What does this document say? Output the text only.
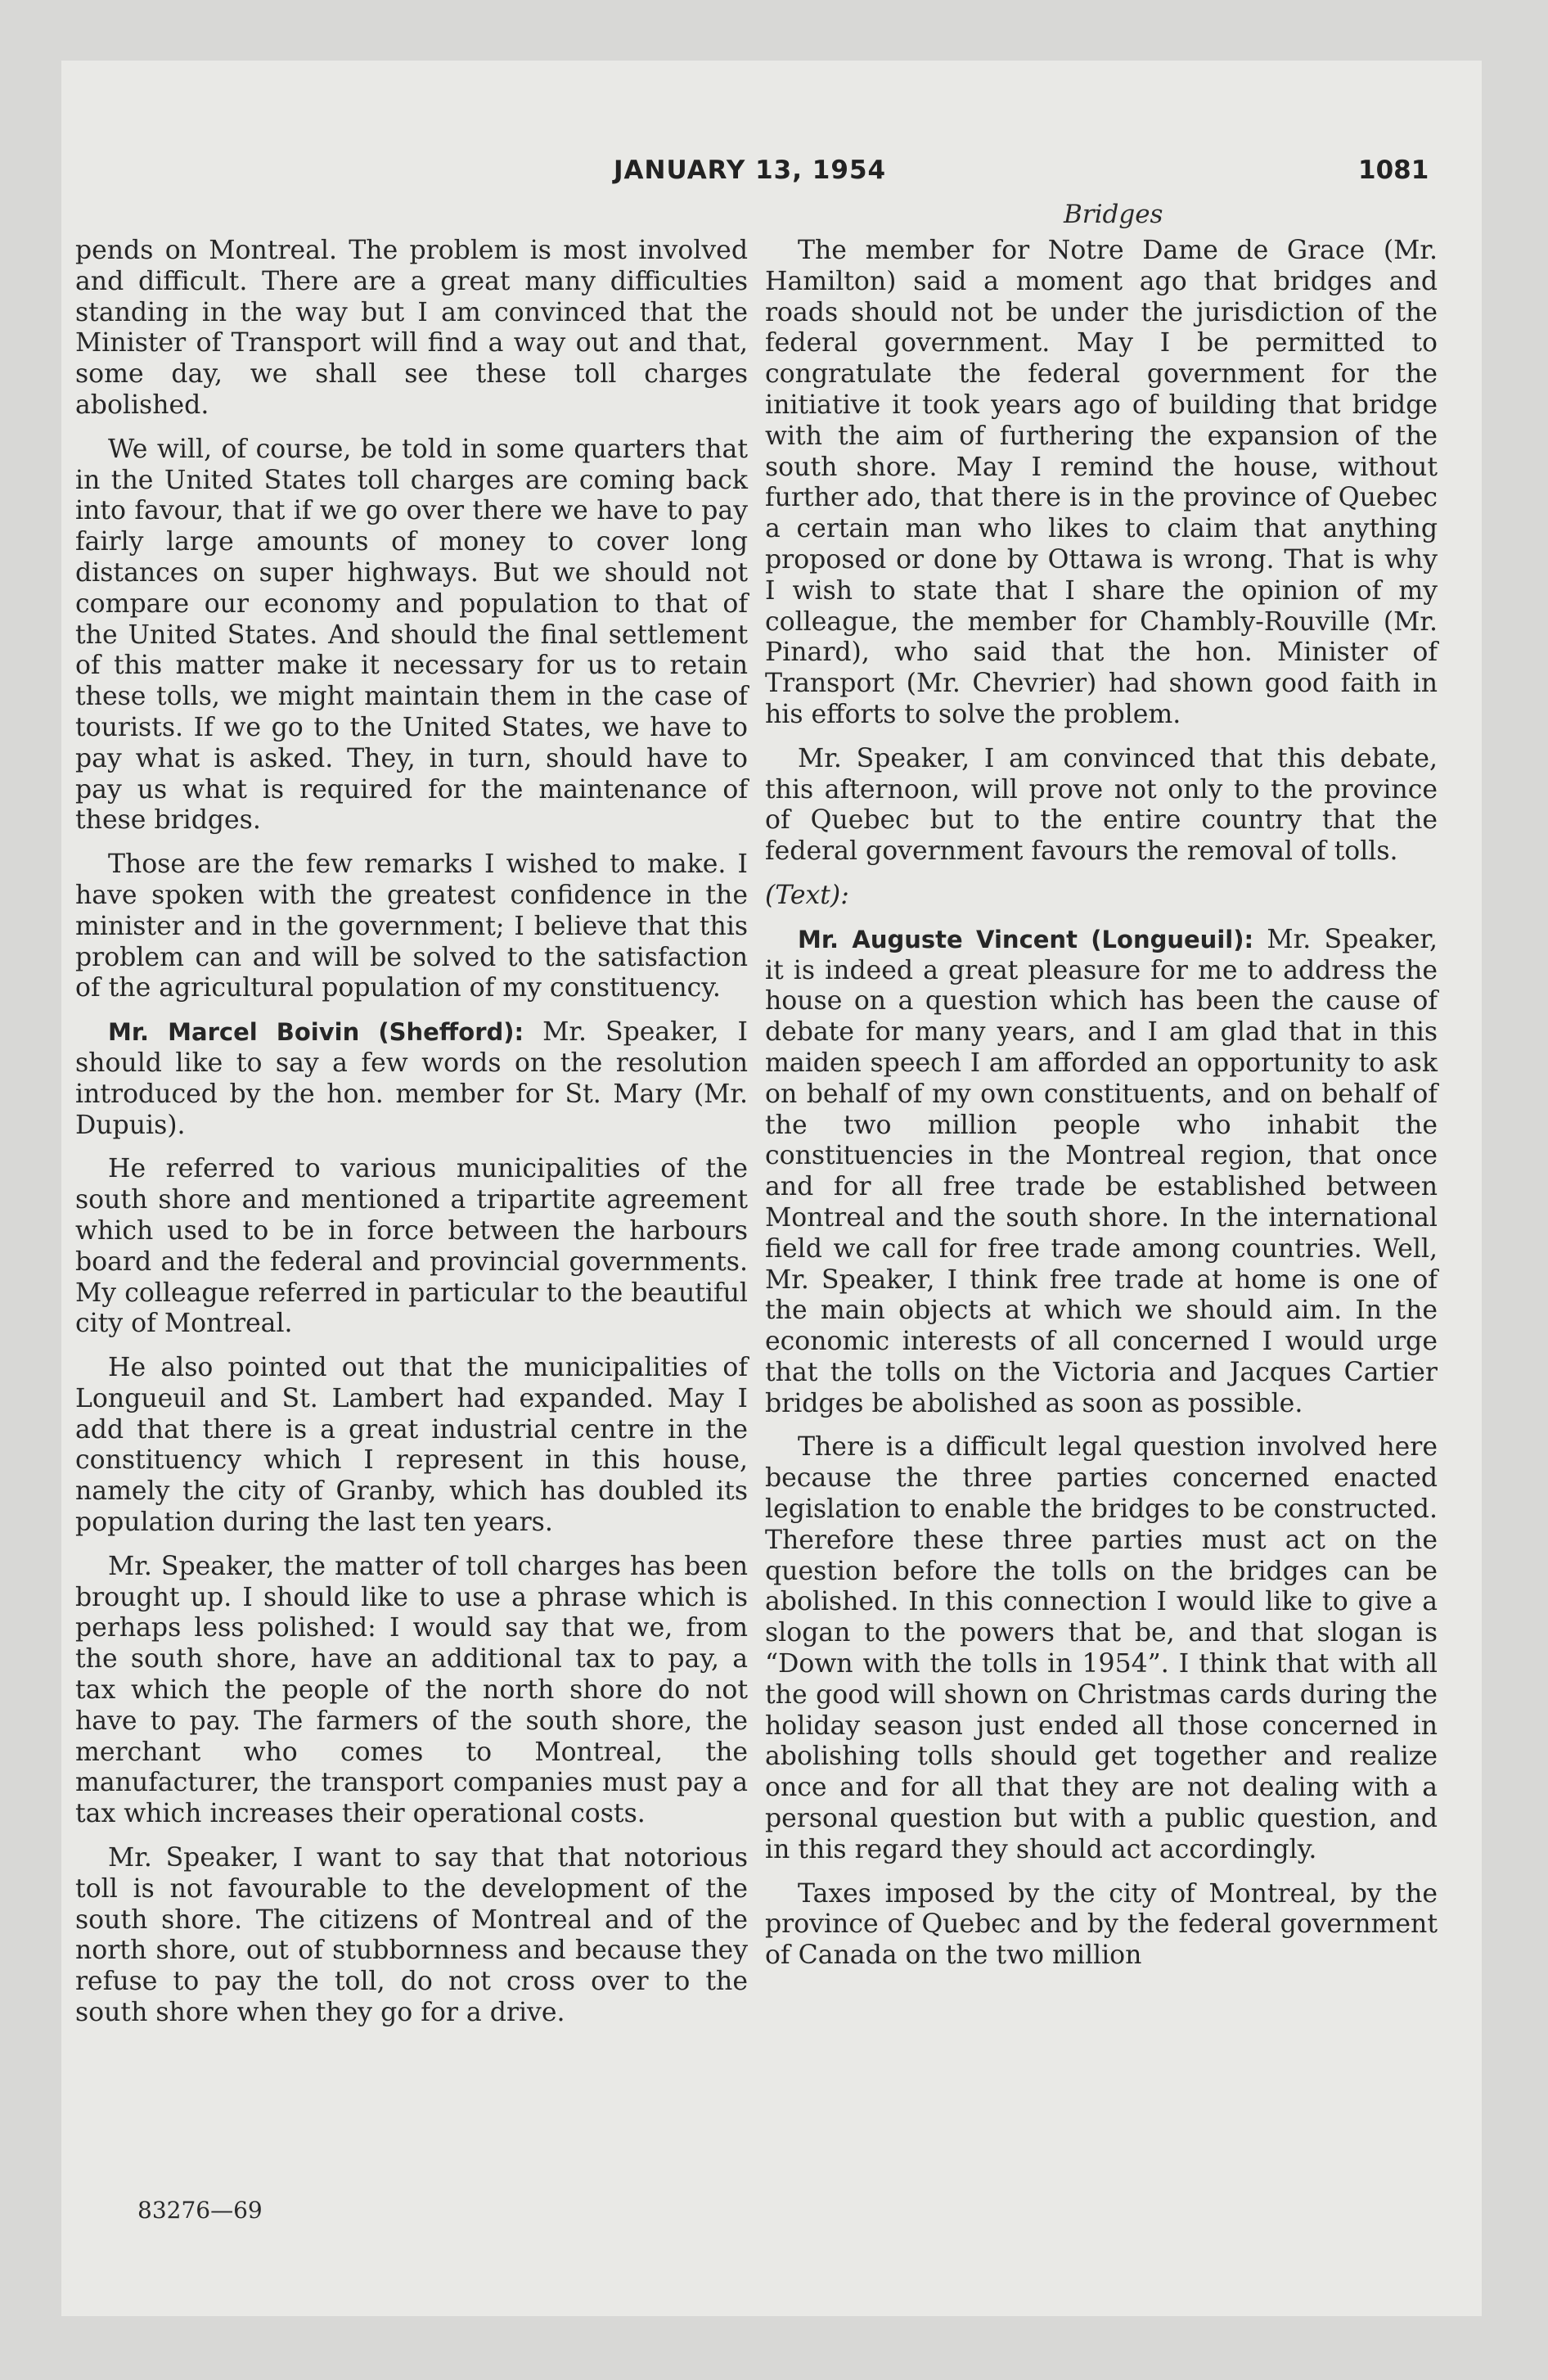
JANUARY 13, 1954	1081
Bridges

pends on Montreal. The problem is most involved and difficult. There are a great many difficulties standing in the way but I am convinced that the Minister of Transport will find a way out and that, some day, we shall see these toll charges abolished.

We will, of course, be told in some quarters that in the United States toll charges are coming back into favour, that if we go over there we have to pay fairly large amounts of money to cover long distances on super highways. But we should not compare our economy and population to that of the United States. And should the final settlement of this matter make it necessary for us to retain these tolls, we might maintain them in the case of tourists. If we go to the United States, we have to pay what is asked. They, in turn, should have to pay us what is required for the maintenance of these bridges.

Those are the few remarks I wished to make. I have spoken with the greatest confidence in the minister and in the government; I believe that this problem can and will be solved to the satisfaction of the agricultural population of my constituency.

Mr. Marcel Boivin (Shefford): Mr. Speaker, I should like to say a few words on the resolution introduced by the hon. member for St. Mary (Mr. Dupuis).

He referred to various municipalities of the south shore and mentioned a tripartite agreement which used to be in force between the harbours board and the federal and provincial governments. My colleague referred in particular to the beautiful city of Montreal.

He also pointed out that the municipalities of Longueuil and St. Lambert had expanded. May I add that there is a great industrial centre in the constituency which I represent in this house, namely the city of Granby, which has doubled its population during the last ten years.

Mr. Speaker, the matter of toll charges has been brought up. I should like to use a phrase which is perhaps less polished: I would say that we, from the south shore, have an additional tax to pay, a tax which the people of the north shore do not have to pay. The farmers of the south shore, the merchant who comes to Montreal, the manufacturer, the transport companies must pay a tax which increases their operational costs.

Mr. Speaker, I want to say that that notorious toll is not favourable to the development of the south shore. The citizens of Montreal and of the north shore, out of stubbornness and because they refuse to pay the toll, do not cross over to the south shore when they go for a drive.

The member for Notre Dame de Grace (Mr. Hamilton) said a moment ago that bridges and roads should not be under the jurisdiction of the federal government. May I be permitted to congratulate the federal government for the initiative it took years ago of building that bridge with the aim of furthering the expansion of the south shore. May I remind the house, without further ado, that there is in the province of Quebec a certain man who likes to claim that anything proposed or done by Ottawa is wrong. That is why I wish to state that I share the opinion of my colleague, the member for Chambly-Rouville (Mr. Pinard), who said that the hon. Minister of Transport (Mr. Chevrier) had shown good faith in his efforts to solve the problem.

Mr. Speaker, I am convinced that this debate, this afternoon, will prove not only to the province of Quebec but to the entire country that the federal government favours the removal of tolls.

(Text):

Mr. Auguste Vincent (Longueuil): Mr. Speaker, it is indeed a great pleasure for me to address the house on a question which has been the cause of debate for many years, and I am glad that in this maiden speech I am afforded an opportunity to ask on behalf of my own constituents, and on behalf of the two million people who inhabit the constituencies in the Montreal region, that once and for all free trade be established between Montreal and the south shore. In the international field we call for free trade among countries. Well, Mr. Speaker, I think free trade at home is one of the main objects at which we should aim. In the economic interests of all concerned I would urge that the tolls on the Victoria and Jacques Cartier bridges be abolished as soon as possible.

There is a difficult legal question involved here because the three parties concerned enacted legislation to enable the bridges to be constructed. Therefore these three parties must act on the question before the tolls on the bridges can be abolished. In this connection I would like to give a slogan to the powers that be, and that slogan is “Down with the tolls in 1954”. I think that with all the good will shown on Christmas cards during the holiday season just ended all those concerned in abolishing tolls should get together and realize once and for all that they are not dealing with a personal question but with a public question, and in this regard they should act accordingly.

Taxes imposed by the city of Montreal, by the province of Quebec and by the federal government of Canada on the two million

83276—69
